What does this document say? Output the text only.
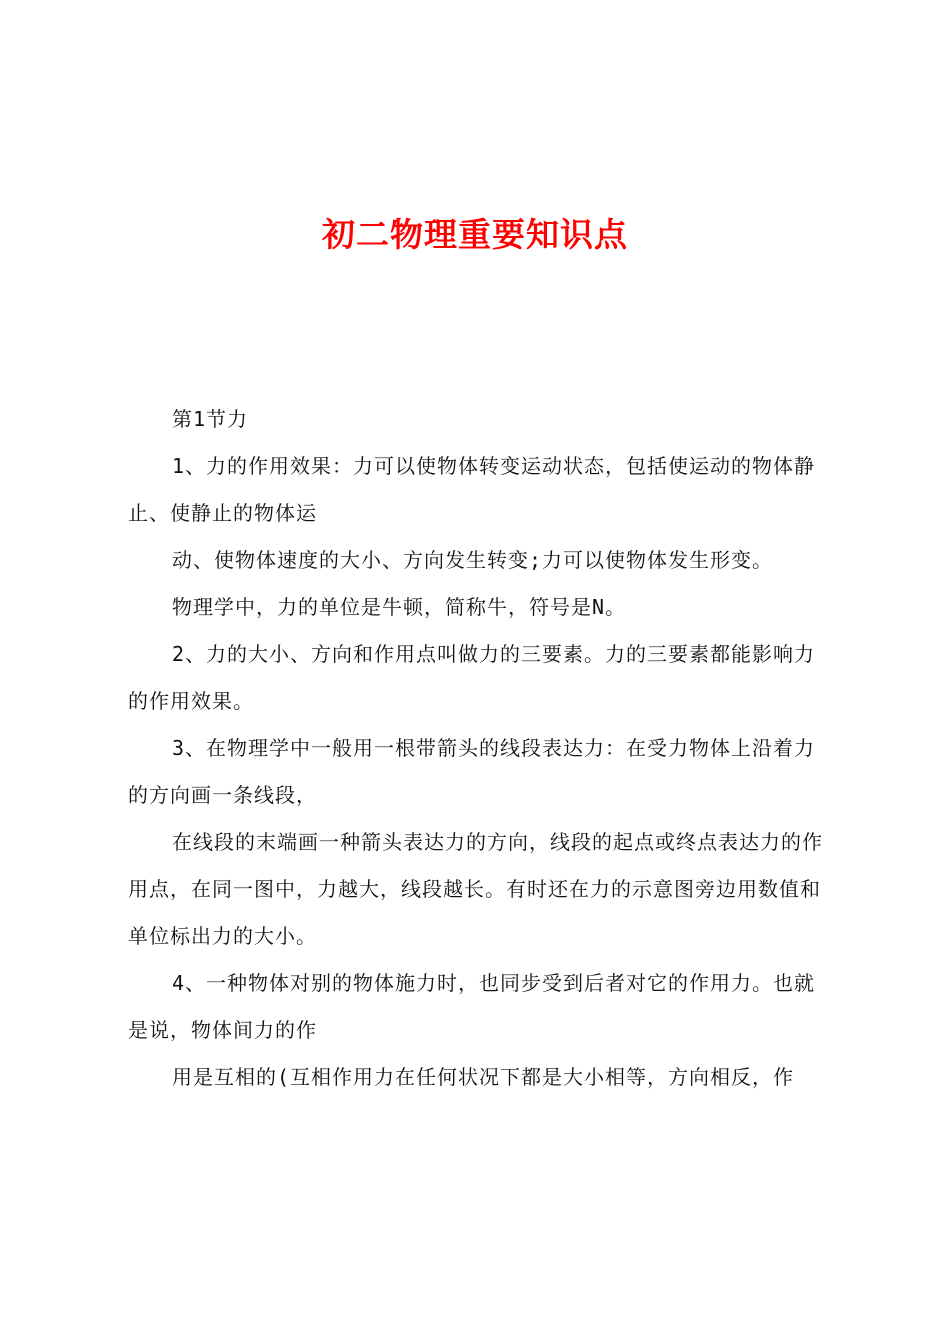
初二物理重要知识点

第1节力

1、力的作用效果：力可以使物体转变运动状态，包括使运动的物体静止、使静止的物体运

动、使物体速度的大小、方向发生转变;力可以使物体发生形变。

物理学中，力的单位是牛顿，简称牛，符号是N。

2、力的大小、方向和作用点叫做力的三要素。力的三要素都能影响力的作用效果。

3、在物理学中一般用一根带箭头的线段表达力：在受力物体上沿着力的方向画一条线段，

在线段的末端画一种箭头表达力的方向，线段的起点或终点表达力的作用点，在同一图中，力越大，线段越长。有时还在力的示意图旁边用数值和单位标出力的大小。

4、一种物体对别的物体施力时，也同步受到后者对它的作用力。也就是说，物体间力的作

用是互相的(互相作用力在任何状况下都是大小相等，方向相反，作
